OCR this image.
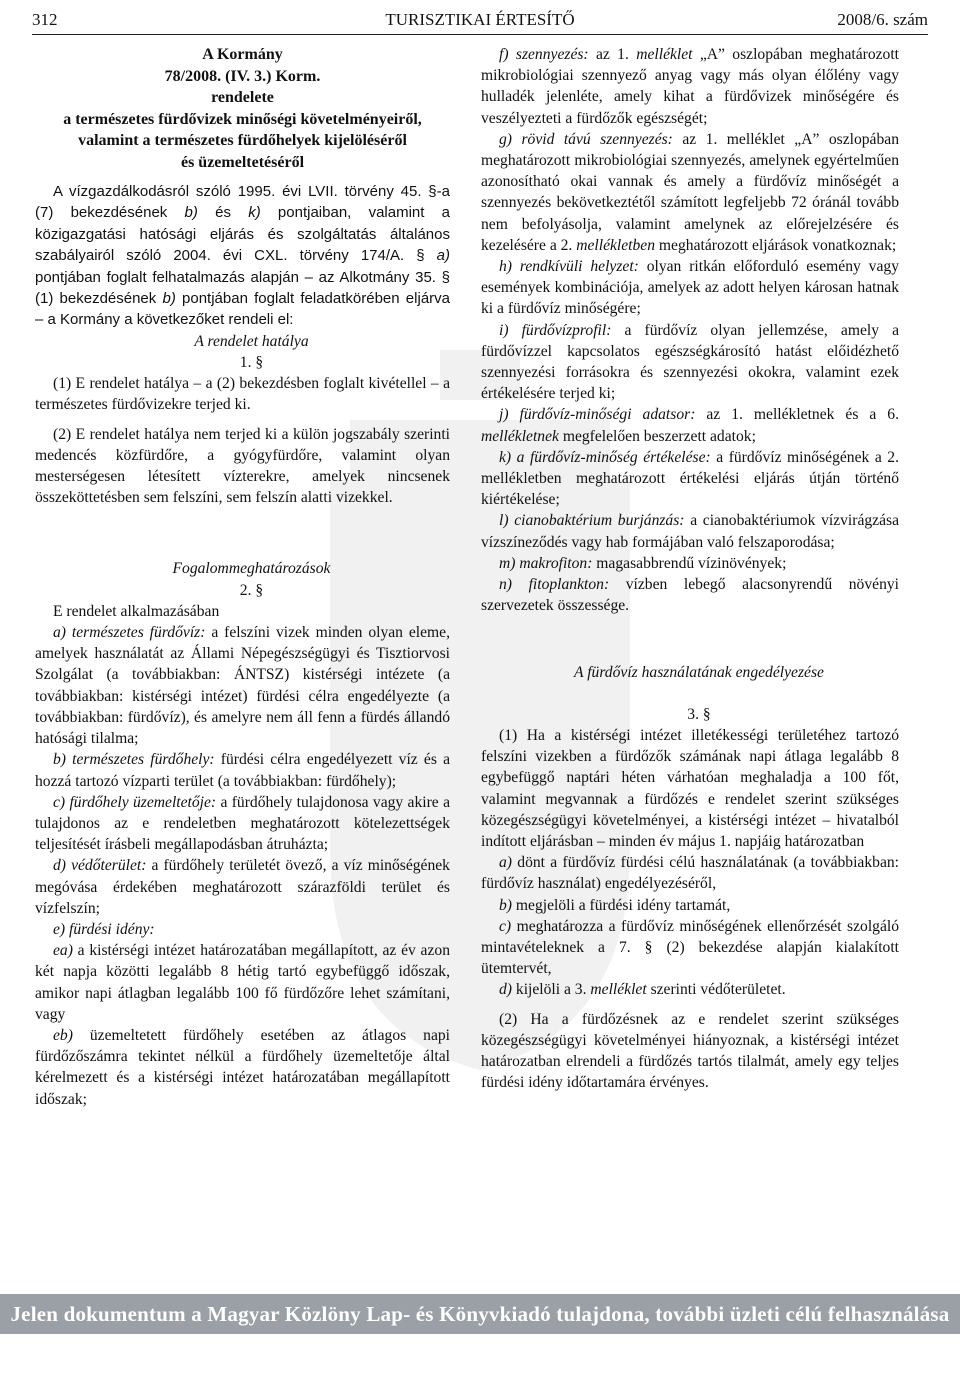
312	TURISZTIKAI ÉRTESÍTŐ	2008/6. szám
A Kormány
78/2008. (IV. 3.) Korm.
rendelete
a természetes fürdővizek minőségi követelményeiről,
valamint a természetes fürdőhelyek kijelöléséről
és üzemeltetéséről

A vízgazdálkodásról szóló 1995. évi LVII. törvény 45. §-a (7) bekezdésének b) és k) pontjaiban, valamint a közigazgatási hatósági eljárás és szolgáltatás általános szabályairól szóló 2004. évi CXL. törvény 174/A. § a) pontjában foglalt felhatalmazás alapján – az Alkotmány 35. § (1) bekezdésének b) pontjában foglalt feladatkörében eljárva – a Kormány a következőket rendeli el:

A rendelet hatálya

1. §

(1) E rendelet hatálya – a (2) bekezdésben foglalt kivétellel – a természetes fürdővizekre terjed ki.

(2) E rendelet hatálya nem terjed ki a külön jogszabály szerinti medencés közfürdőre, a gyógyfürdőre, valamint olyan mesterségesen létesített vízterekre, amelyek nincsenek összeköttetésben sem felszíni, sem felszín alatti vizekkel.

Fogalommeghatározások

2. §

E rendelet alkalmazásában

a) természetes fürdővíz: a felszíni vizek minden olyan eleme, amelyek használatát az Állami Népegészségügyi és Tisztiorvosi Szolgálat (a továbbiakban: ÁNTSZ) kistérségi intézete (a továbbiakban: kistérségi intézet) fürdési célra engedélyezte (a továbbiakban: fürdővíz), és amelyre nem áll fenn a fürdés állandó hatósági tilalma;

b) természetes fürdőhely: fürdési célra engedélyezett víz és a hozzá tartozó vízparti terület (a továbbiakban: fürdőhely);

c) fürdőhely üzemeltetője: a fürdőhely tulajdonosa vagy akire a tulajdonos az e rendeletben meghatározott kötelezettségek teljesítését írásbeli megállapodásban átruházta;

d) védőterület: a fürdőhely területét övező, a víz minőségének megóvása érdekében meghatározott szárazföldi terület és vízfelszín;

e) fürdési idény:

ea) a kistérségi intézet határozatában megállapított, az év azon két napja közötti legalább 8 hétig tartó egybefüggő időszak, amikor napi átlagban legalább 100 fő fürdőzőre lehet számítani, vagy

eb) üzemeltetett fürdőhely esetében az átlagos napi fürdőzőszámra tekintet nélkül a fürdőhely üzemeltetője által kérelmezett és a kistérségi intézet határozatában megállapított időszak;

f) szennyezés: az 1. melléklet „A” oszlopában meghatározott mikrobiológiai szennyező anyag vagy más olyan élőlény vagy hulladék jelenléte, amely kihat a fürdővizek minőségére és veszélyezteti a fürdőzők egészségét;

g) rövid távú szennyezés: az 1. melléklet „A” oszlopában meghatározott mikrobiológiai szennyezés, amelynek egyértelműen azonosítható okai vannak és amely a fürdővíz minőségét a szennyezés bekövetkeztétől számított legfeljebb 72 óránál tovább nem befolyásolja, valamint amelynek az előrejelzésére és kezelésére a 2. mellékletben meghatározott eljárások vonatkoznak;

h) rendkívüli helyzet: olyan ritkán előforduló esemény vagy események kombinációja, amelyek az adott helyen károsan hatnak ki a fürdővíz minőségére;

i) fürdővízprofil: a fürdővíz olyan jellemzése, amely a fürdővízzel kapcsolatos egészségkárosító hatást előidézhető szennyezési forrásokra és szennyezési okokra, valamint ezek értékelésére terjed ki;

j) fürdővíz-minőségi adatsor: az 1. mellékletnek és a 6. mellékletnek megfelelően beszerzett adatok;

k) a fürdővíz-minőség értékelése: a fürdővíz minőségének a 2. mellékletben meghatározott értékelési eljárás útján történő kiértékelése;

l) cianobaktérium burjánzás: a cianobaktériumok vízvirágzása vízszíneződés vagy hab formájában való felszaporodása;

m) makrofiton: magasabbrendű vízinövények;

n) fitoplankton: vízben lebegő alacsonyrendű növényi szervezetek összessége.

A fürdővíz használatának engedélyezése

3. §

(1) Ha a kistérségi intézet illetékességi területéhez tartozó felszíni vizekben a fürdőzők számának napi átlaga legalább 8 egybefüggő naptári héten várhatóan meghaladja a 100 főt, valamint megvannak a fürdőzés e rendelet szerint szükséges közegészségügyi követelményei, a kistérségi intézet – hivatalból indított eljárásban – minden év május 1. napjáig határozatban

a) dönt a fürdővíz fürdési célú használatának (a továbbiakban: fürdővíz használat) engedélyezéséről,

b) megjelöli a fürdési idény tartamát,

c) meghatározza a fürdővíz minőségének ellenőrzését szolgáló mintavételeknek a 7. § (2) bekezdése alapján kialakított ütemtervét,

d) kijelöli a 3. melléklet szerinti védőterületet.

(2) Ha a fürdőzésnek az e rendelet szerint szükséges közegészségügyi követelményei hiányoznak, a kistérségi intézet határozatban elrendeli a fürdőzés tartós tilalmát, amely egy teljes fürdési idény időtartamára érvényes.

Jelen dokumentum a Magyar Közlöny Lap- és Könyvkiadó tulajdona, további üzleti célú felhasználása tilos!
